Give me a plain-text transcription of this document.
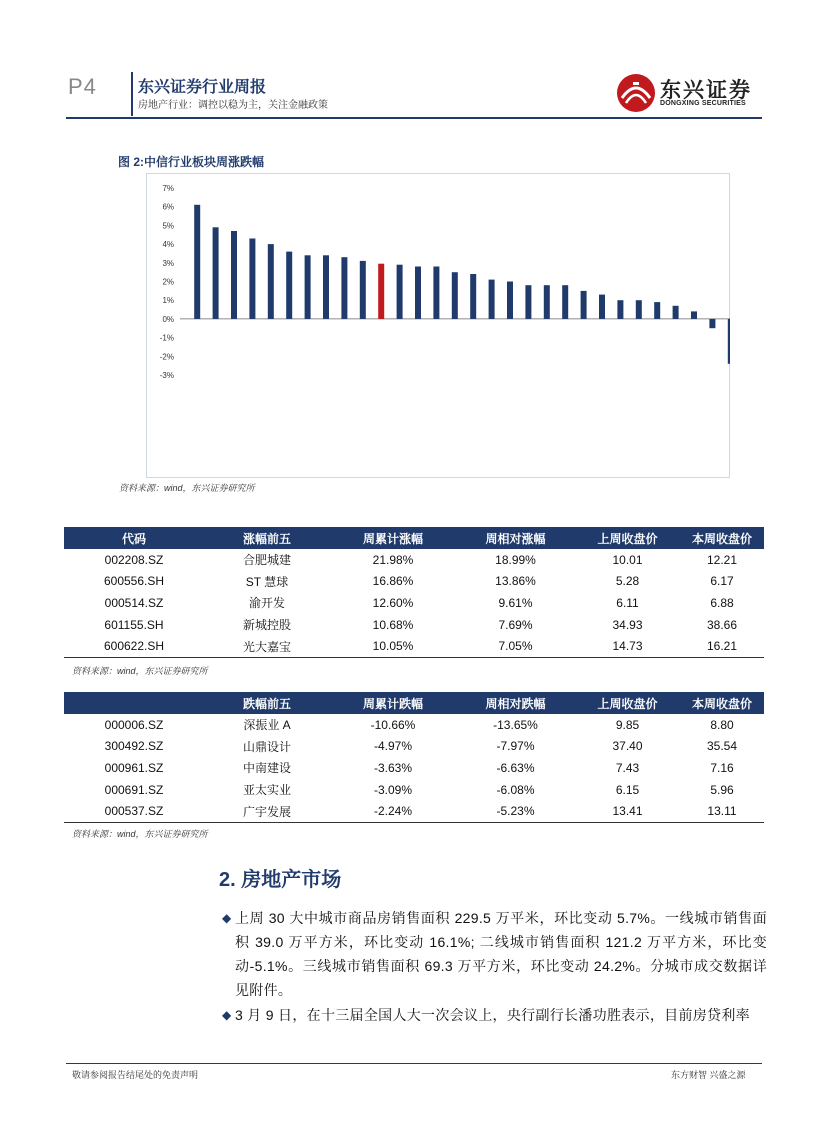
P4	东兴证券行业周报
房地产行业：调控以稳为主，关注金融政策
东兴证券
DONGXING SECURITIES
图 2:中信行业板块周涨跌幅
7%
6%
5%
4%
3%
2%
1%
0%
-1%
-2%
-3%
资料来源：wind，东兴证券研究所
代码	涨幅前五	周累计涨幅	周相对涨幅	上周收盘价	本周收盘价
002208.SZ	合肥城建	21.98%	18.99%	10.01	12.21
600556.SH	ST 慧球	16.86%	13.86%	5.28	6.17
000514.SZ	渝开发	12.60%	9.61%	6.11	6.88
601155.SH	新城控股	10.68%	7.69%	34.93	38.66
600622.SH	光大嘉宝	10.05%	7.05%	14.73	16.21
资料来源：wind，东兴证券研究所
	跌幅前五	周累计跌幅	周相对跌幅	上周收盘价	本周收盘价
000006.SZ	深振业 A	-10.66%	-13.65%	9.85	8.80
300492.SZ	山鼎设计	-4.97%	-7.97%	37.40	35.54
000961.SZ	中南建设	-3.63%	-6.63%	7.43	7.16
000691.SZ	亚太实业	-3.09%	-6.08%	6.15	5.96
000537.SZ	广宇发展	-2.24%	-5.23%	13.41	13.11
资料来源：wind，东兴证券研究所
2. 房地产市场
◆ 上周 30 大中城市商品房销售面积 229.5 万平米，环比变动 5.7%。一线城市销售面积 39.0 万平方米，环比变动 16.1%; 二线城市销售面积 121.2 万平方米，环比变动-5.1%。三线城市销售面积 69.3 万平方米，环比变动 24.2%。分城市成交数据详见附件。
◆ 3 月 9 日，在十三届全国人大一次会议上，央行副行长潘功胜表示，目前房贷利率
敬请参阅报告结尾处的免责声明	东方财智 兴盛之源
